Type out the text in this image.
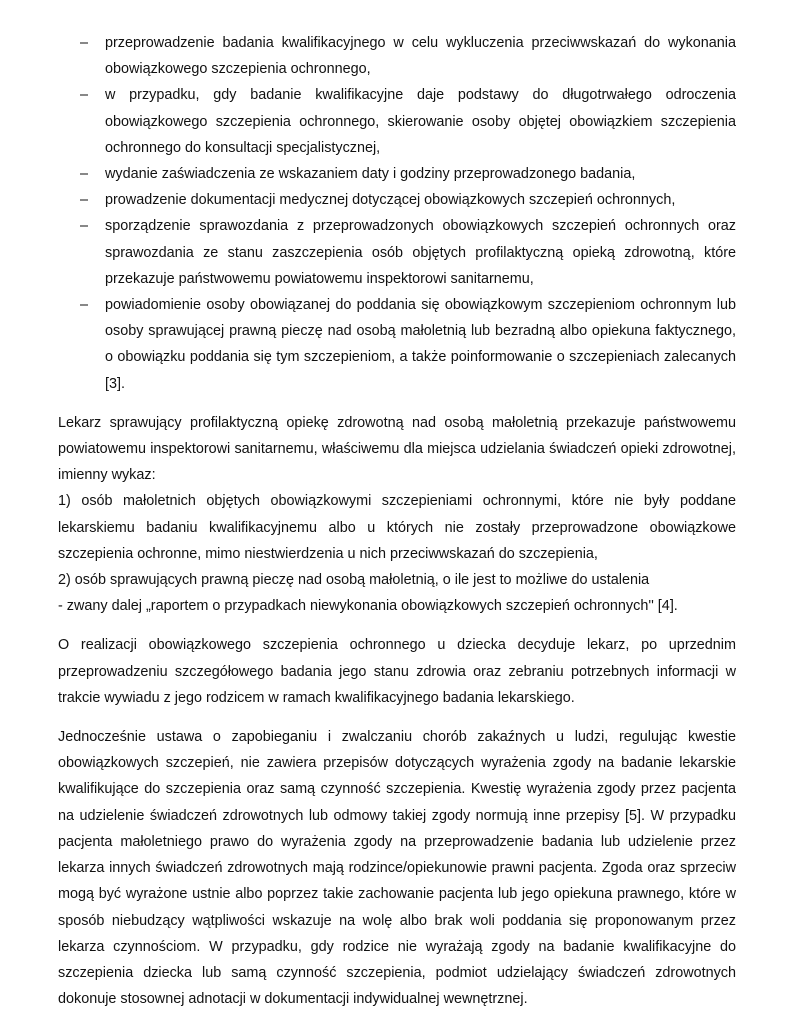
– przeprowadzenie badania kwalifikacyjnego w celu wykluczenia przeciwwskazań do wykonania obowiązkowego szczepienia ochronnego,
– w przypadku, gdy badanie kwalifikacyjne daje podstawy do długotrwałego odroczenia obowiązkowego szczepienia ochronnego, skierowanie osoby objętej obowiązkiem szczepienia ochronnego do konsultacji specjalistycznej,
– wydanie zaświadczenia ze wskazaniem daty i godziny przeprowadzonego badania,
– prowadzenie dokumentacji medycznej dotyczącej obowiązkowych szczepień ochronnych,
– sporządzenie sprawozdania z przeprowadzonych obowiązkowych szczepień ochronnych oraz sprawozdania ze stanu zaszczepienia osób objętych profilaktyczną opieką zdrowotną, które przekazuje państwowemu powiatowemu inspektorowi sanitarnemu,
– powiadomienie osoby obowiązanej do poddania się obowiązkowym szczepieniom ochronnym lub osoby sprawującej prawną pieczę nad osobą małoletnią lub bezradną albo opiekuna faktycznego, o obowiązku poddania się tym szczepieniom, a także poinformowanie o szczepieniach zalecanych [3].
Lekarz sprawujący profilaktyczną opiekę zdrowotną nad osobą małoletnią przekazuje państwowemu powiatowemu inspektorowi sanitarnemu, właściwemu dla miejsca udzielania świadczeń opieki zdrowotnej, imienny wykaz:
1) osób małoletnich objętych obowiązkowymi szczepieniami ochronnymi, które nie były poddane lekarskiemu badaniu kwalifikacyjnemu albo u których nie zostały przeprowadzone obowiązkowe szczepienia ochronne, mimo niestwierdzenia u nich przeciwwskazań do szczepienia,
2) osób sprawujących prawną pieczę nad osobą małoletnią, o ile jest to możliwe do ustalenia
- zwany dalej „raportem o przypadkach niewykonania obowiązkowych szczepień ochronnych'' [4].

O realizacji obowiązkowego szczepienia ochronnego u dziecka decyduje lekarz, po uprzednim przeprowadzeniu szczegółowego badania jego stanu zdrowia oraz zebraniu potrzebnych informacji w trakcie wywiadu z jego rodzicem w ramach kwalifikacyjnego badania lekarskiego.

Jednocześnie ustawa o zapobieganiu i zwalczaniu chorób zakaźnych u ludzi, regulując kwestie obowiązkowych szczepień, nie zawiera przepisów dotyczących wyrażenia zgody na badanie lekarskie kwalifikujące do szczepienia oraz samą czynność szczepienia. Kwestię wyrażenia zgody przez pacjenta na udzielenie świadczeń zdrowotnych lub odmowy takiej zgody normują inne przepisy [5]. W przypadku pacjenta małoletniego prawo do wyrażenia zgody na przeprowadzenie badania lub udzielenie przez lekarza innych świadczeń zdrowotnych mają rodzince/opiekunowie prawni pacjenta. Zgoda oraz sprzeciw mogą być wyrażone ustnie albo poprzez takie zachowanie pacjenta lub jego opiekuna prawnego, które w sposób niebudzący wątpliwości wskazuje na wolę albo brak woli poddania się proponowanym przez lekarza czynnościom. W przypadku, gdy rodzice nie wyrażają zgody na badanie kwalifikacyjne do szczepienia dziecka lub samą czynność szczepienia, podmiot udzielający świadczeń zdrowotnych dokonuje stosownej adnotacji w dokumentacji indywidualnej wewnętrznej.
